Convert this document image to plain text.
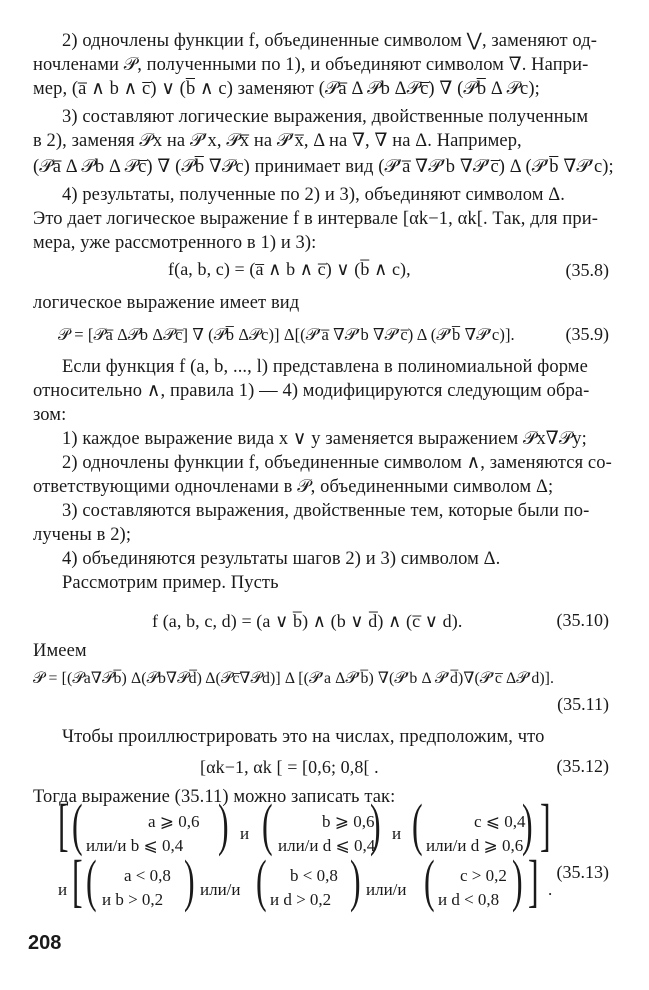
2) одночлены функции f, объединенные символом ⋁, заменяют од-
ночленами 𝒫, полученными по 1), и объединяют символом ∇. Напри-
мер, (a̅ ∧ b ∧ c̅) ∨ (b̅ ∧ c) заменяют (𝒫a̅ Δ 𝒫b Δ𝒫c̅) ∇ (𝒫b̅ Δ 𝒫c);
3) составляют логические выражения, двойственные полученным
в 2), заменяя 𝒫x на 𝒫′x, 𝒫x̅ на 𝒫′x̅, Δ на ∇, ∇ на Δ. Например,
(𝒫a̅ Δ 𝒫b Δ 𝒫c̅) ∇ (𝒫b̅ ∇𝒫c) принимает вид (𝒫′a̅ ∇𝒫′b ∇𝒫′c̅) Δ (𝒫′b̅ ∇𝒫′c);
4) результаты, полученные по 2) и 3), объединяют символом Δ.
Это дает логическое выражение f в интервале [αk−1, αk[. Так, для при-
мера, уже рассмотренного в 1) и 3):
f(a, b, c) = (a̅ ∧ b ∧ c̅) ∨ (b̅ ∧ c),	(35.8)
логическое выражение имеет вид
𝒫 = [𝒫a̅ Δ𝒫b Δ𝒫c̅] ∇ (𝒫b̅ Δ𝒫c)] Δ[(𝒫′a̅ ∇𝒫′b ∇𝒫′c̅) Δ (𝒫′b̅ ∇𝒫′c)].	(35.9)
Если функция f (a, b, ..., l) представлена в полиномиальной форме
относительно ∧, правила 1) — 4) модифицируются следующим обра-
зом:
1) каждое выражение вида x ∨ y заменяется выражением 𝒫x∇𝒫y;
2) одночлены функции f, объединенные символом ∧, заменяются со-
ответствующими одночленами в 𝒫, объединенными символом Δ;
3) составляются выражения, двойственные тем, которые были по-
лучены в 2);
4) объединяются результаты шагов 2) и 3) символом Δ.
Рассмотрим пример. Пусть
f (a, b, c, d) = (a ∨ b̅) ∧ (b ∨ d̅) ∧ (c̅ ∨ d).	(35.10)
Имеем
𝒫 = [(𝒫a∇𝒫b̅) Δ(𝒫b∇𝒫d̅) Δ(𝒫c̅∇𝒫d)] Δ [(𝒫′a Δ𝒫′b̅) ∇(𝒫′b Δ 𝒫′d̅)∇(𝒫′c̅ Δ𝒫′d)].
(35.11)
Чтобы проиллюстрировать это на числах, предположим, что
[αk−1, αk [ = [0,6; 0,8[ .	(35.12)
Тогда выражение (35.11) можно записать так:
[ (	a ⩾ 0,6
или/и b ⩽ 0,4 ) и (	b ⩾ 0,6
или/и d ⩽ 0,4
) и (	c ⩽ 0,4
или/и d ⩾ 0,6
) ]
(35.13)
и [ ( a < 0,8
и b > 0,2 ) или/и ( b < 0,8
и d > 0,2 ) или/и ( c > 0,2
и d < 0,8 ) ] .
208
